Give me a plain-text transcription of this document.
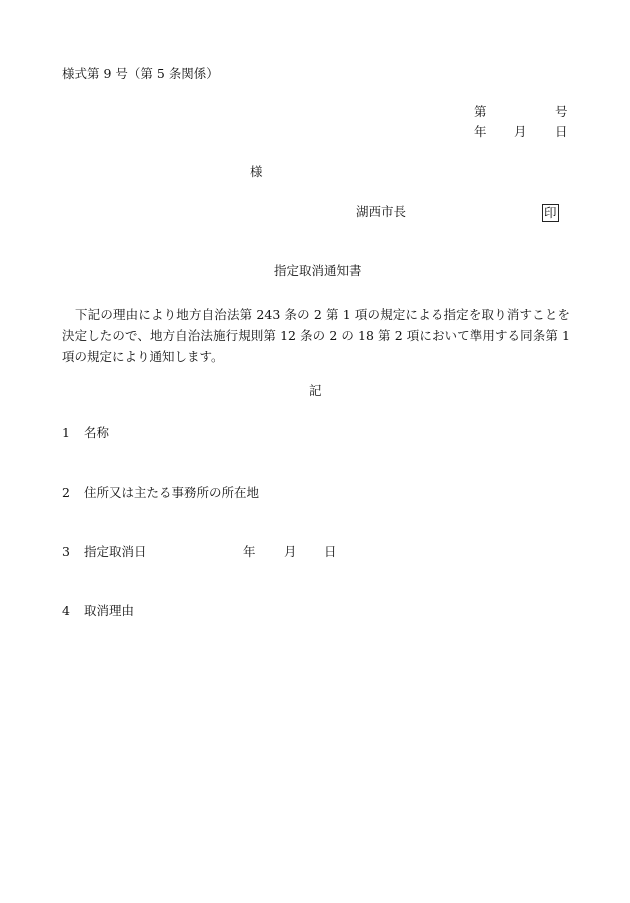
様式第 9 号（第 5 条関係）
第	号
年 月 日
様
湖西市長	印
指定取消通知書
下記の理由により地方自治法第 243 条の 2 第 1 項の規定による指定を取り消すことを決定したので、地方自治法施行規則第 12 条の 2 の 18 第 2 項において準用する同条第 1 項の規定により通知します。
記
1 名称
2 住所又は主たる事務所の所在地
3 指定取消日	年 月 日
4 取消理由
